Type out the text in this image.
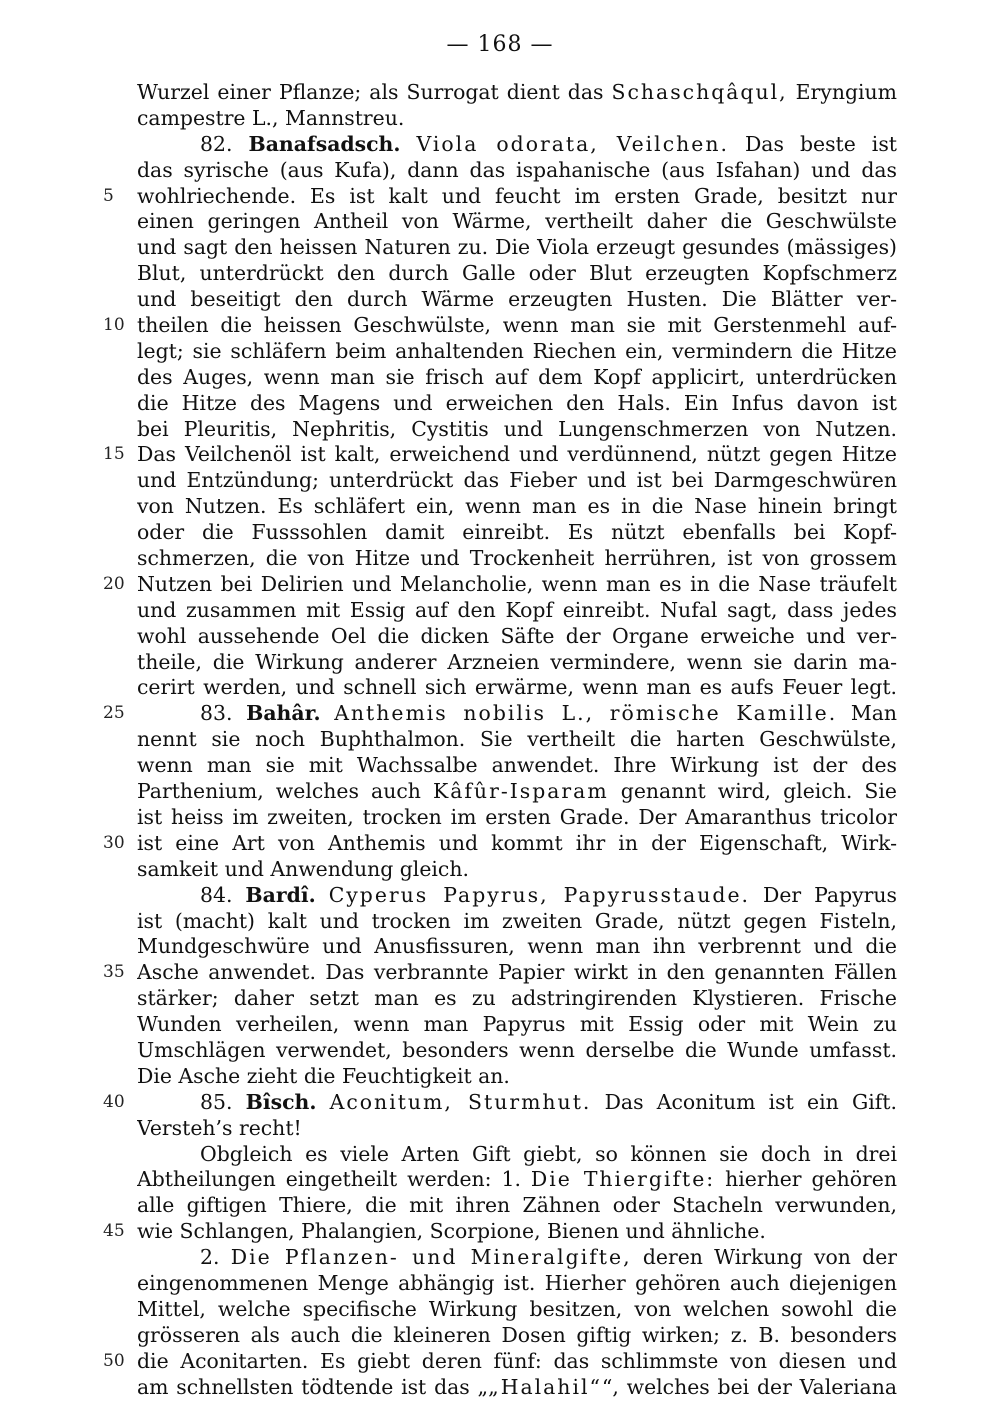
— 168 —
Wurzel einer Pflanze; als Surrogat dient das Schaschqâqul, Eryngium
campestre L., Mannstreu.
82. Banafsadsch. Viola odorata, Veilchen. Das beste ist
das syrische (aus Kufa), dann das ispahanische (aus Isfahan) und das
5	wohlriechende. Es ist kalt und feucht im ersten Grade, besitzt nur
einen geringen Antheil von Wärme, vertheilt daher die Geschwülste
und sagt den heissen Naturen zu. Die Viola erzeugt gesundes (mässiges)
Blut, unterdrückt den durch Galle oder Blut erzeugten Kopfschmerz
und beseitigt den durch Wärme erzeugten Husten. Die Blätter ver-
10 theilen die heissen Geschwülste, wenn man sie mit Gerstenmehl auf-
legt; sie schläfern beim anhaltenden Riechen ein, vermindern die Hitze
des Auges, wenn man sie frisch auf dem Kopf applicirt, unterdrücken
die Hitze des Magens und erweichen den Hals. Ein Infus davon ist
bei Pleuritis, Nephritis, Cystitis und Lungenschmerzen von Nutzen.
15 Das Veilchenöl ist kalt, erweichend und verdünnend, nützt gegen Hitze
und Entzündung; unterdrückt das Fieber und ist bei Darmgeschwüren
von Nutzen. Es schläfert ein, wenn man es in die Nase hinein bringt
oder die Fusssohlen damit einreibt. Es nützt ebenfalls bei Kopf-
schmerzen, die von Hitze und Trockenheit herrühren, ist von grossem
20 Nutzen bei Delirien und Melancholie, wenn man es in die Nase träufelt
und zusammen mit Essig auf den Kopf einreibt. Nufal sagt, dass jedes
wohl aussehende Oel die dicken Säfte der Organe erweiche und ver-
theile, die Wirkung anderer Arzneien vermindere, wenn sie darin ma-
cerirt werden, und schnell sich erwärme, wenn man es aufs Feuer legt.
25	83. Bahâr. Anthemis nobilis L., römische Kamille. Man
nennt sie noch Buphthalmon. Sie vertheilt die harten Geschwülste,
wenn man sie mit Wachssalbe anwendet. Ihre Wirkung ist der des
Parthenium, welches auch Kâfûr-Isparam genannt wird, gleich. Sie
ist heiss im zweiten, trocken im ersten Grade. Der Amaranthus tricolor
30 ist eine Art von Anthemis und kommt ihr in der Eigenschaft, Wirk-
samkeit und Anwendung gleich.
84. Bardî. Cyperus Papyrus, Papyrusstaude. Der Papyrus
ist (macht) kalt und trocken im zweiten Grade, nützt gegen Fisteln,
Mundgeschwüre und Anusfissuren, wenn man ihn verbrennt und die
35 Asche anwendet. Das verbrannte Papier wirkt in den genannten Fällen
stärker; daher setzt man es zu adstringirenden Klystieren. Frische
Wunden verheilen, wenn man Papyrus mit Essig oder mit Wein zu
Umschlägen verwendet, besonders wenn derselbe die Wunde umfasst.
Die Asche zieht die Feuchtigkeit an.
40	85. Bîsch. Aconitum, Sturmhut. Das Aconitum ist ein Gift.
Versteh’s recht!
Obgleich es viele Arten Gift giebt, so können sie doch in drei
Abtheilungen eingetheilt werden: 1. Die Thiergifte: hierher gehören
alle giftigen Thiere, die mit ihren Zähnen oder Stacheln verwunden,
45 wie Schlangen, Phalangien, Scorpione, Bienen und ähnliche.
2. Die Pflanzen- und Mineralgifte, deren Wirkung von der
eingenommenen Menge abhängig ist. Hierher gehören auch diejenigen
Mittel, welche specifische Wirkung besitzen, von welchen sowohl die
grösseren als auch die kleineren Dosen giftig wirken; z. B. besonders
50 die Aconitarten. Es giebt deren fünf: das schlimmste von diesen und
am schnellsten tödtende ist das „„Halahil““, welches bei der Valeriana
